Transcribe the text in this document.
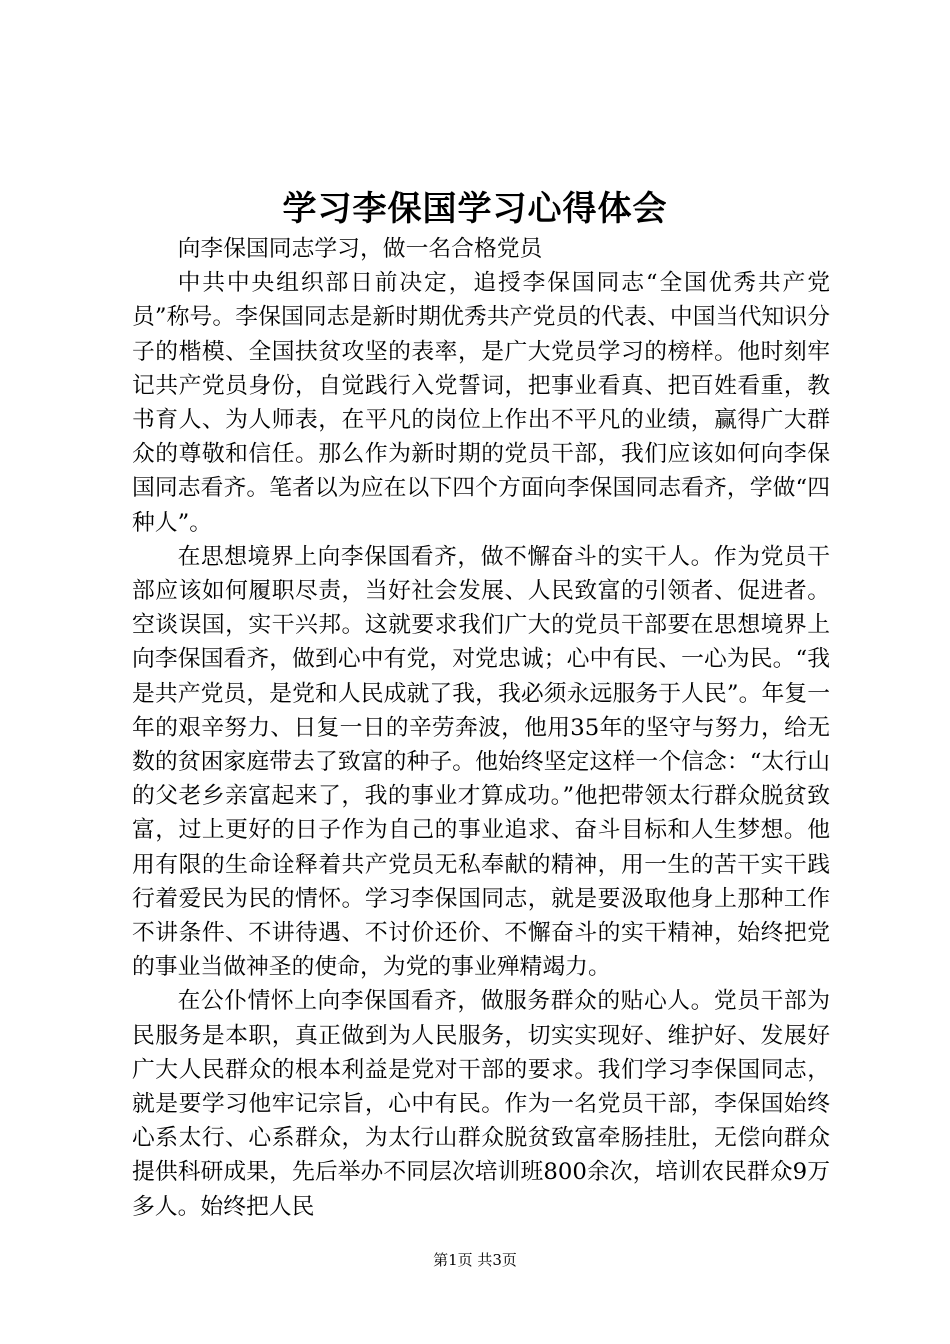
学习李保国学习心得体会

向李保国同志学习，做一名合格党员

中共中央组织部日前决定，追授李保国同志“全国优秀共产党员”称号。李保国同志是新时期优秀共产党员的代表、中国当代知识分子的楷模、全国扶贫攻坚的表率，是广大党员学习的榜样。他时刻牢记共产党员身份，自觉践行入党誓词，把事业看真、把百姓看重，教书育人、为人师表，在平凡的岗位上作出不平凡的业绩，赢得广大群众的尊敬和信任。那么作为新时期的党员干部，我们应该如何向李保国同志看齐。笔者以为应在以下四个方面向李保国同志看齐，学做“四种人”。

在思想境界上向李保国看齐，做不懈奋斗的实干人。作为党员干部应该如何履职尽责，当好社会发展、人民致富的引领者、促进者。空谈误国，实干兴邦。这就要求我们广大的党员干部要在思想境界上向李保国看齐，做到心中有党，对党忠诚；心中有民、一心为民。“我是共产党员，是党和人民成就了我，我必须永远服务于人民”。年复一年的艰辛努力、日复一日的辛劳奔波，他用35年的坚守与努力，给无数的贫困家庭带去了致富的种子。他始终坚定这样一个信念：“太行山的父老乡亲富起来了，我的事业才算成功。”他把带领太行群众脱贫致富，过上更好的日子作为自己的事业追求、奋斗目标和人生梦想。他用有限的生命诠释着共产党员无私奉献的精神，用一生的苦干实干践行着爱民为民的情怀。学习李保国同志，就是要汲取他身上那种工作不讲条件、不讲待遇、不讨价还价、不懈奋斗的实干精神，始终把党的事业当做神圣的使命，为党的事业殚精竭力。

在公仆情怀上向李保国看齐，做服务群众的贴心人。党员干部为民服务是本职，真正做到为人民服务，切实实现好、维护好、发展好广大人民群众的根本利益是党对干部的要求。我们学习李保国同志，就是要学习他牢记宗旨，心中有民。作为一名党员干部，李保国始终心系太行、心系群众，为太行山群众脱贫致富牵肠挂肚，无偿向群众提供科研成果，先后举办不同层次培训班800余次，培训农民群众9万多人。始终把人民

第1页 共3页
